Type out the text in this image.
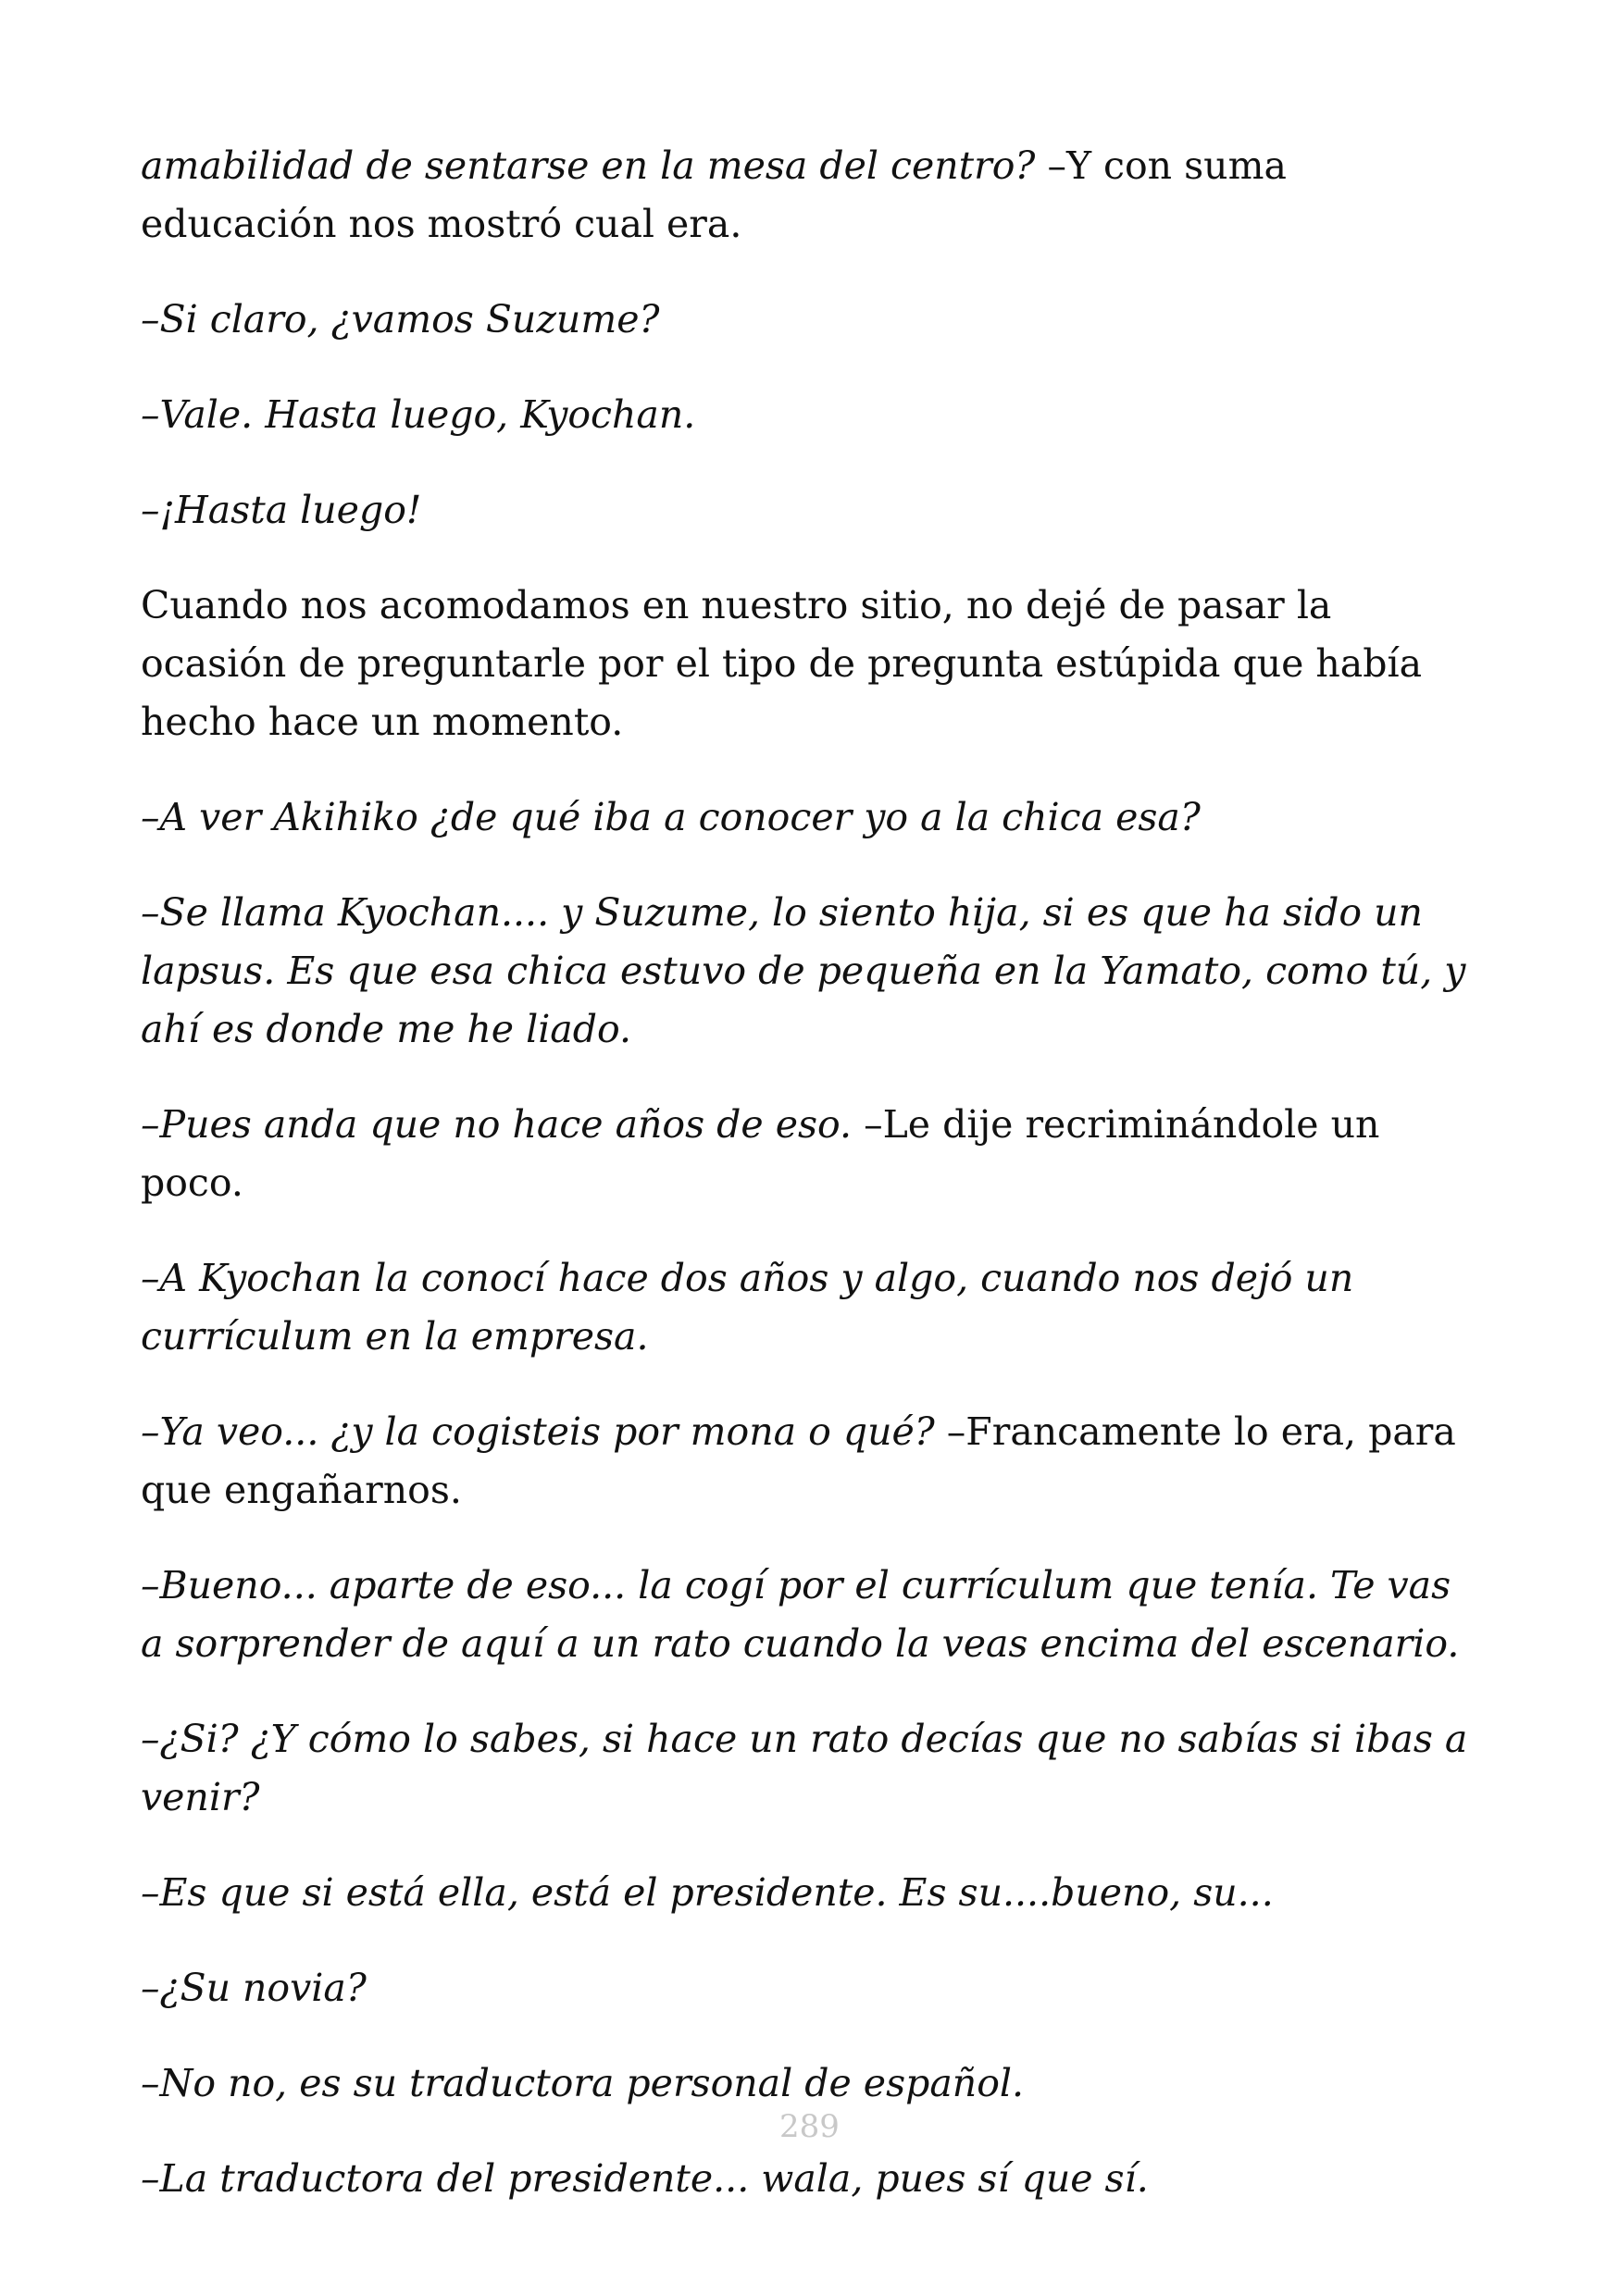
amabilidad de sentarse en la mesa del centro? –Y con suma educación nos mostró cual era.

–Si claro, ¿vamos Suzume?

–Vale. Hasta luego, Kyochan.

–¡Hasta luego!

Cuando nos acomodamos en nuestro sitio, no dejé de pasar la ocasión de preguntarle por el tipo de pregunta estúpida que había hecho hace un momento.

–A ver Akihiko ¿de qué iba a conocer yo a la chica esa?

–Se llama Kyochan.... y Suzume, lo siento hija, si es que ha sido un lapsus. Es que esa chica estuvo de pequeña en la Yamato, como tú, y ahí es donde me he liado.

–Pues anda que no hace años de eso. –Le dije recriminándole un poco.

–A Kyochan la conocí hace dos años y algo, cuando nos dejó un currículum en la empresa.

–Ya veo... ¿y la cogisteis por mona o qué? –Francamente lo era, para que engañarnos.

–Bueno... aparte de eso... la cogí por el currículum que tenía. Te vas a sorprender de aquí a un rato cuando la veas encima del escenario.

–¿Si? ¿Y cómo lo sabes, si hace un rato decías que no sabías si ibas a venir?

–Es que si está ella, está el presidente. Es su....bueno, su...

–¿Su novia?

–No no, es su traductora personal de español.

–La traductora del presidente... wala, pues sí que sí.

289
